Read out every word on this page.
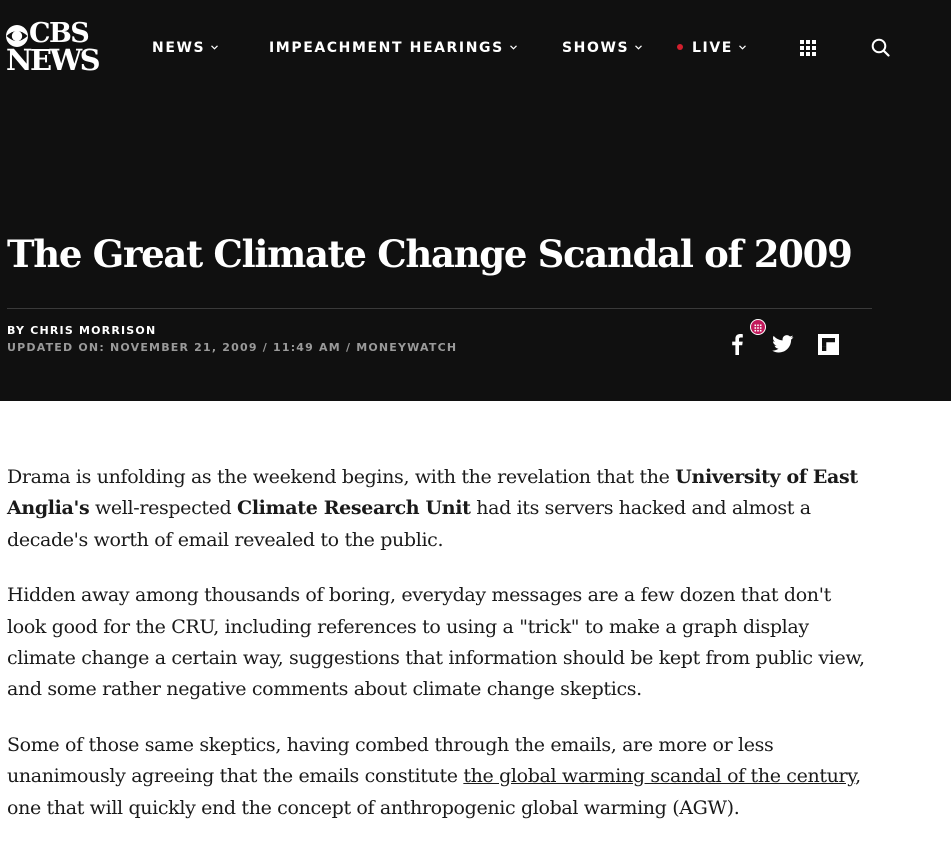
CBS
NEWS	NEWS	IMPEACHMENT HEARINGS	SHOWS	LIVE
The Great Climate Change Scandal of 2009
BY CHRIS MORRISON
UPDATED ON: NOVEMBER 21, 2009 / 11:49 AM / MONEYWATCH

Drama is unfolding as the weekend begins, with the revelation that the University of East Anglia's well-respected Climate Research Unit had its servers hacked and almost a decade's worth of email revealed to the public.

Hidden away among thousands of boring, everyday messages are a few dozen that don't look good for the CRU, including references to using a "trick" to make a graph display climate change a certain way, suggestions that information should be kept from public view, and some rather negative comments about climate change skeptics.

Some of those same skeptics, having combed through the emails, are more or less unanimously agreeing that the emails constitute the global warming scandal of the century, one that will quickly end the concept of anthropogenic global warming (AGW).
